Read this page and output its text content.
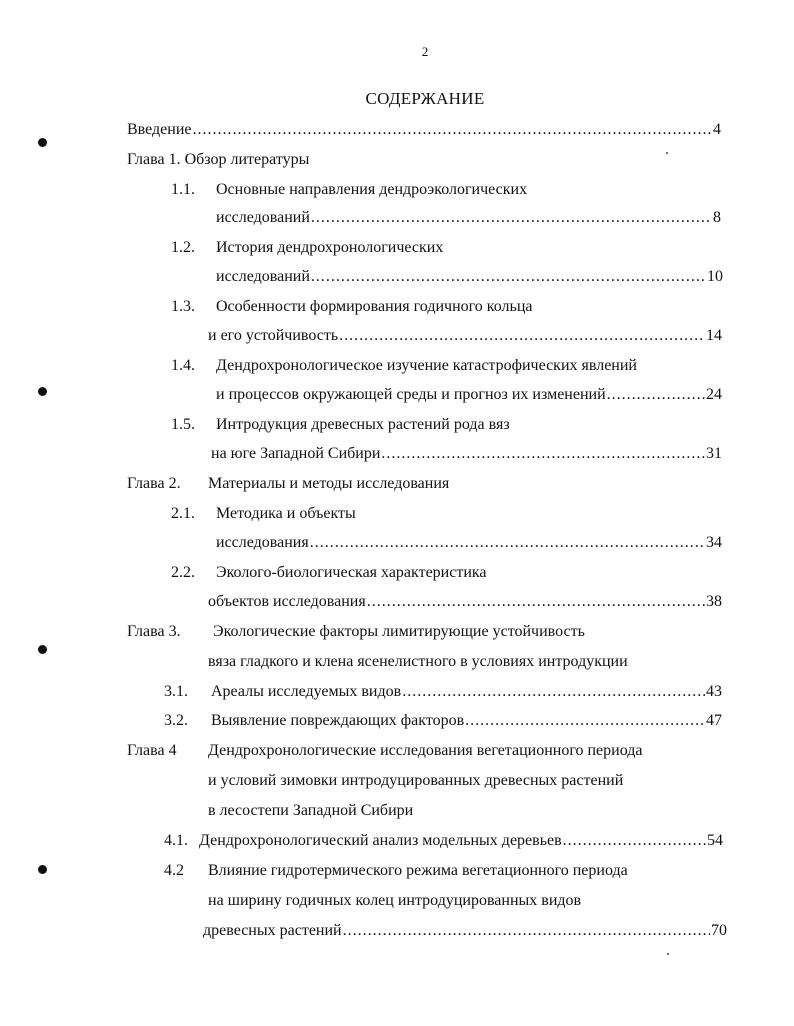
2
СОДЕРЖАНИЕ
Введение .....	4
Глава 1. Обзор литературы
1.1. Основные направления дендроэкологических
исследований .....	8
1.2. История дендрохронологических
исследований .....	10
1.3. Особенности формирования годичного кольца
и его устойчивость .....	14
1.4. Дендрохронологическое изучение катастрофических явлений
и процессов окружающей среды и прогноз их изменений .....	24
1.5. Интродукция древесных растений рода вяз
на юге Западной Сибири .....	31
Глава 2. Материалы и методы исследования
2.1. Методика и объекты
исследования .....	34
2.2. Эколого-биологическая характеристика
объектов исследования .....	38
Глава 3. Экологические факторы лимитирующие устойчивость
вяза гладкого и клена ясенелистного в условиях интродукции
3.1. Ареалы исследуемых видов .....	43
3.2. Выявление повреждающих факторов .....	47
Глава 4 Дендрохронологические исследования вегетационного периода
и условий зимовки интродуцированных древесных растений
в лесостепи Западной Сибири
4.1. Дендрохронологический анализ модельных деревьев .....	54
4.2 Влияние гидротермического режима вегетационного периода
на ширину годичных колец интродуцированных видов
древесных растений .....	70
